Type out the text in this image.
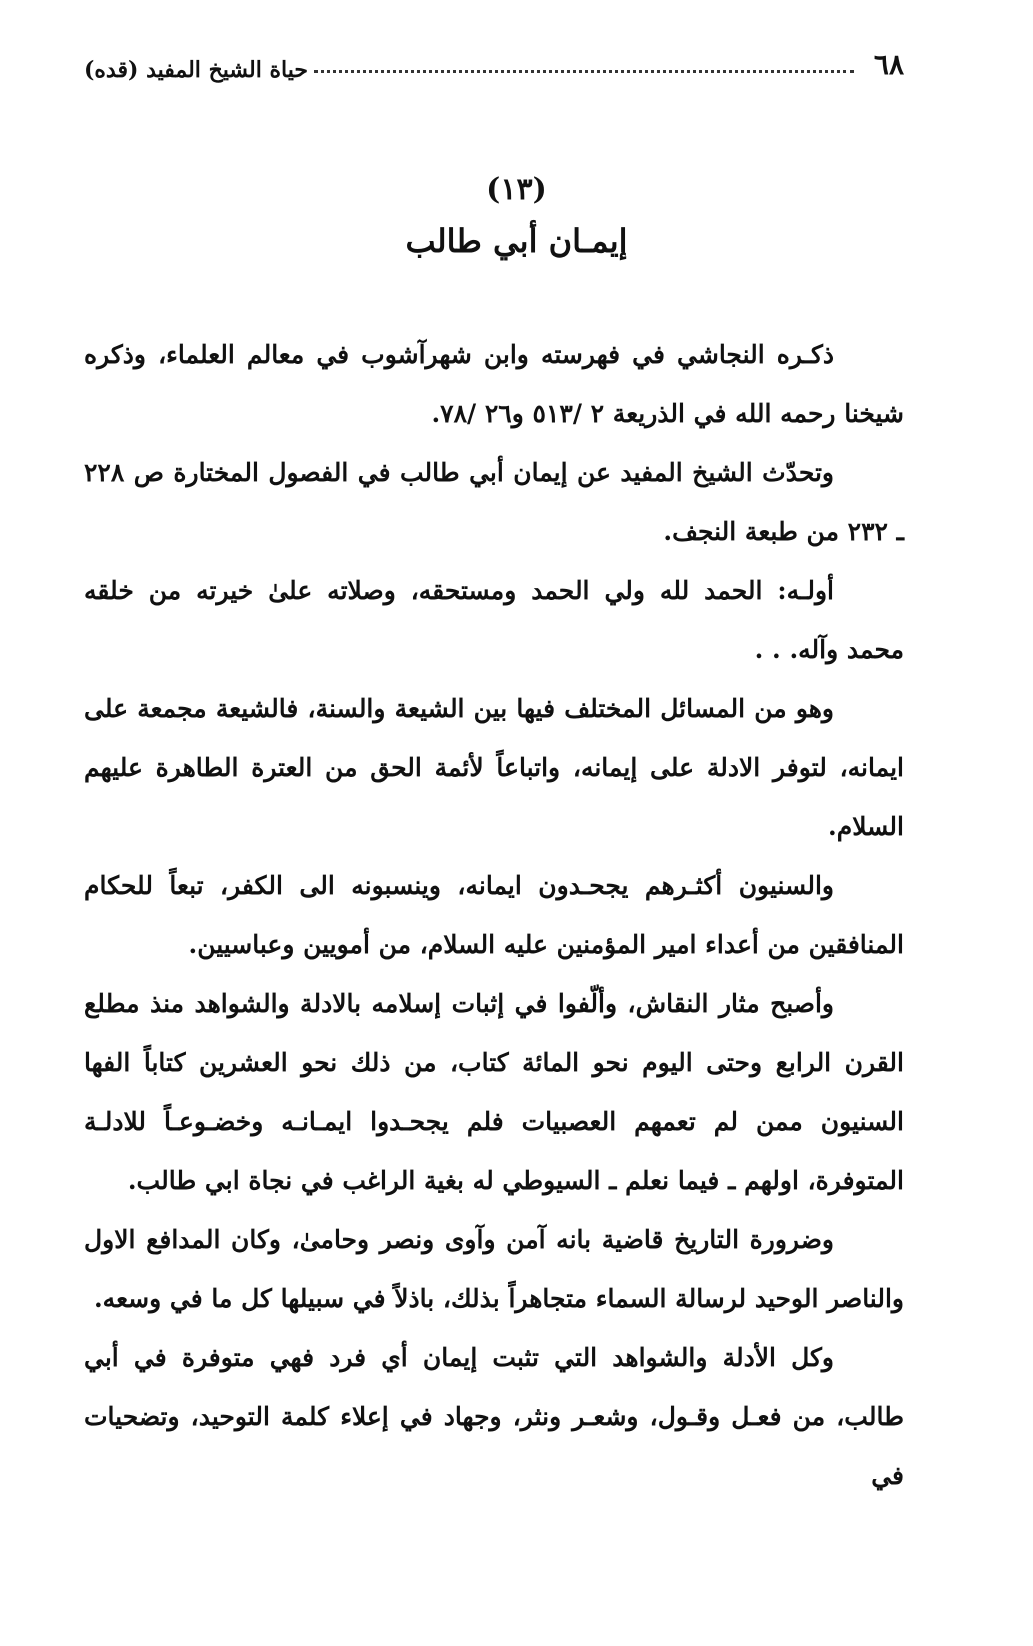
٦٨
حياة الشيخ المفيد (قده)
(١٣)
إيمـان أبي طالب

ذكـره النجاشي في فهرسته وابن شهرآشوب في معالم العلماء، وذكره شيخنا رحمه الله في الذريعة ٢ /٥١٣ و٢٦ /٧٨.

وتحدّث الشيخ المفيد عن إيمان أبي طالب في الفصول المختارة ص ٢٢٨ ـ ٢٣٢ من طبعة النجف.

أولـه: الحمد لله ولي الحمد ومستحقه، وصلاته علىٰ خيرته من خلقه محمد وآله. . .

وهو من المسائل المختلف فيها بين الشيعة والسنة، فالشيعة مجمعة على ايمانه، لتوفر الادلة على إيمانه، واتباعاً لأئمة الحق من العترة الطاهرة عليهم السلام.

والسنيون أكثـرهم يجحـدون ايمانه، وينسبونه الى الكفر، تبعاً للحكام المنافقين من أعداء امير المؤمنين عليه السلام، من أمويين وعباسيين.

وأصبح مثار النقاش، وألّفوا في إثبات إسلامه بالادلة والشواهد منذ مطلع القرن الرابع وحتى اليوم نحو المائة كتاب، من ذلك نحو العشرين كتاباً الفها السنيون ممن لم تعمهم العصبيات فلم يجحـدوا ايمـانـه وخضـوعـاً للادلـة المتوفرة، اولهم ـ فيما نعلم ـ السيوطي له بغية الراغب في نجاة ابي طالب.

وضرورة التاريخ قاضية بانه آمن وآوى ونصر وحامىٰ، وكان المدافع الاول والناصر الوحيد لرسالة السماء متجاهراً بذلك، باذلاً في سبيلها كل ما في وسعه.

وكل الأدلة والشواهد التي تثبت إيمان أي فرد فهي متوفرة في أبي طالب، من فعـل وقـول، وشعـر ونثر، وجهاد في إعلاء كلمة التوحيد، وتضحيات في
